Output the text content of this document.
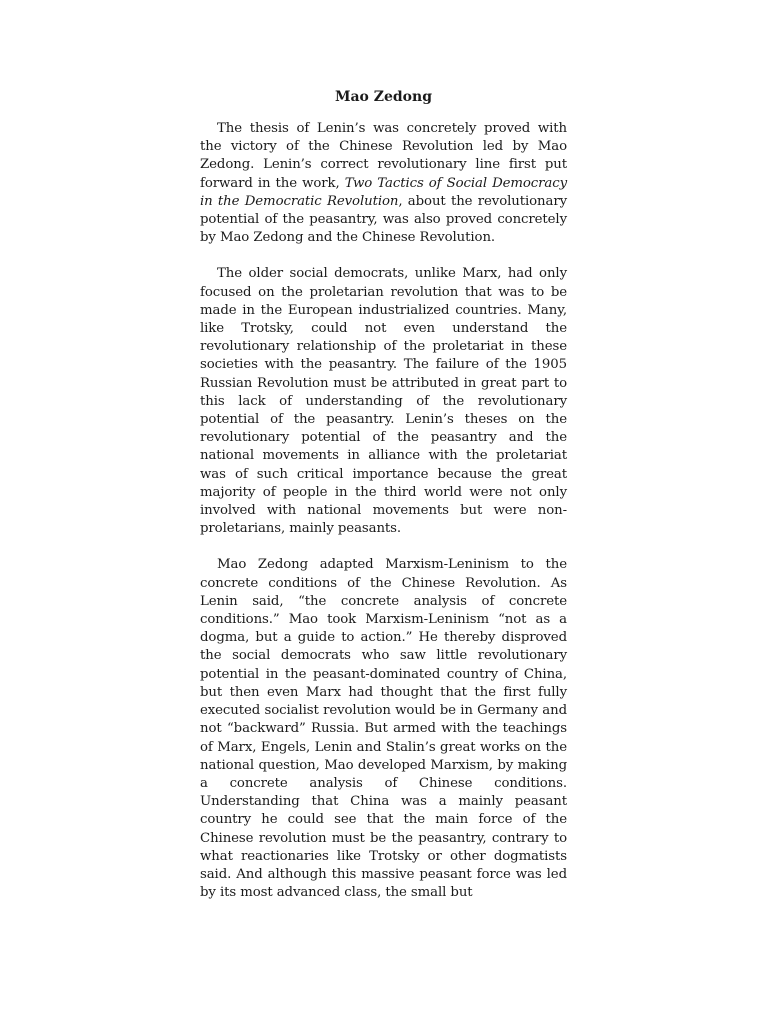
Mao Zedong

The thesis of Lenin’s was concretely proved with the victory of the Chinese Revolution led by Mao Zedong. Lenin’s correct revolutionary line first put forward in the work, Two Tactics of Social Democracy in the Democratic Revolution, about the revolutionary potential of the peasantry, was also proved concretely by Mao Zedong and the Chinese Revolution.

The older social democrats, unlike Marx, had only focused on the proletarian revolution that was to be made in the European industrialized countries. Many, like Trotsky, could not even understand the revolutionary relationship of the proletariat in these societies with the peasantry. The failure of the 1905 Russian Revolution must be attributed in great part to this lack of understanding of the revolutionary potential of the peasantry. Lenin’s theses on the revolutionary potential of the peasantry and the national movements in alliance with the proletariat was of such critical importance because the great majority of people in the third world were not only involved with national movements but were non-proletarians, mainly peasants.

Mao Zedong adapted Marxism-Leninism to the concrete conditions of the Chinese Revolution. As Lenin said, “the concrete analysis of concrete conditions.” Mao took Marxism-Leninism “not as a dogma, but a guide to action.” He thereby disproved the social democrats who saw little revolutionary potential in the peasant-dominated country of China, but then even Marx had thought that the first fully executed socialist revolution would be in Germany and not “backward” Russia. But armed with the teachings of Marx, Engels, Lenin and Stalin’s great works on the national question, Mao developed Marxism, by making a concrete analysis of Chinese conditions. Understanding that China was a mainly peasant country he could see that the main force of the Chinese revolution must be the peasantry, contrary to what reactionaries like Trotsky or other dogmatists said. And although this massive peasant force was led by its most advanced class, the small but
